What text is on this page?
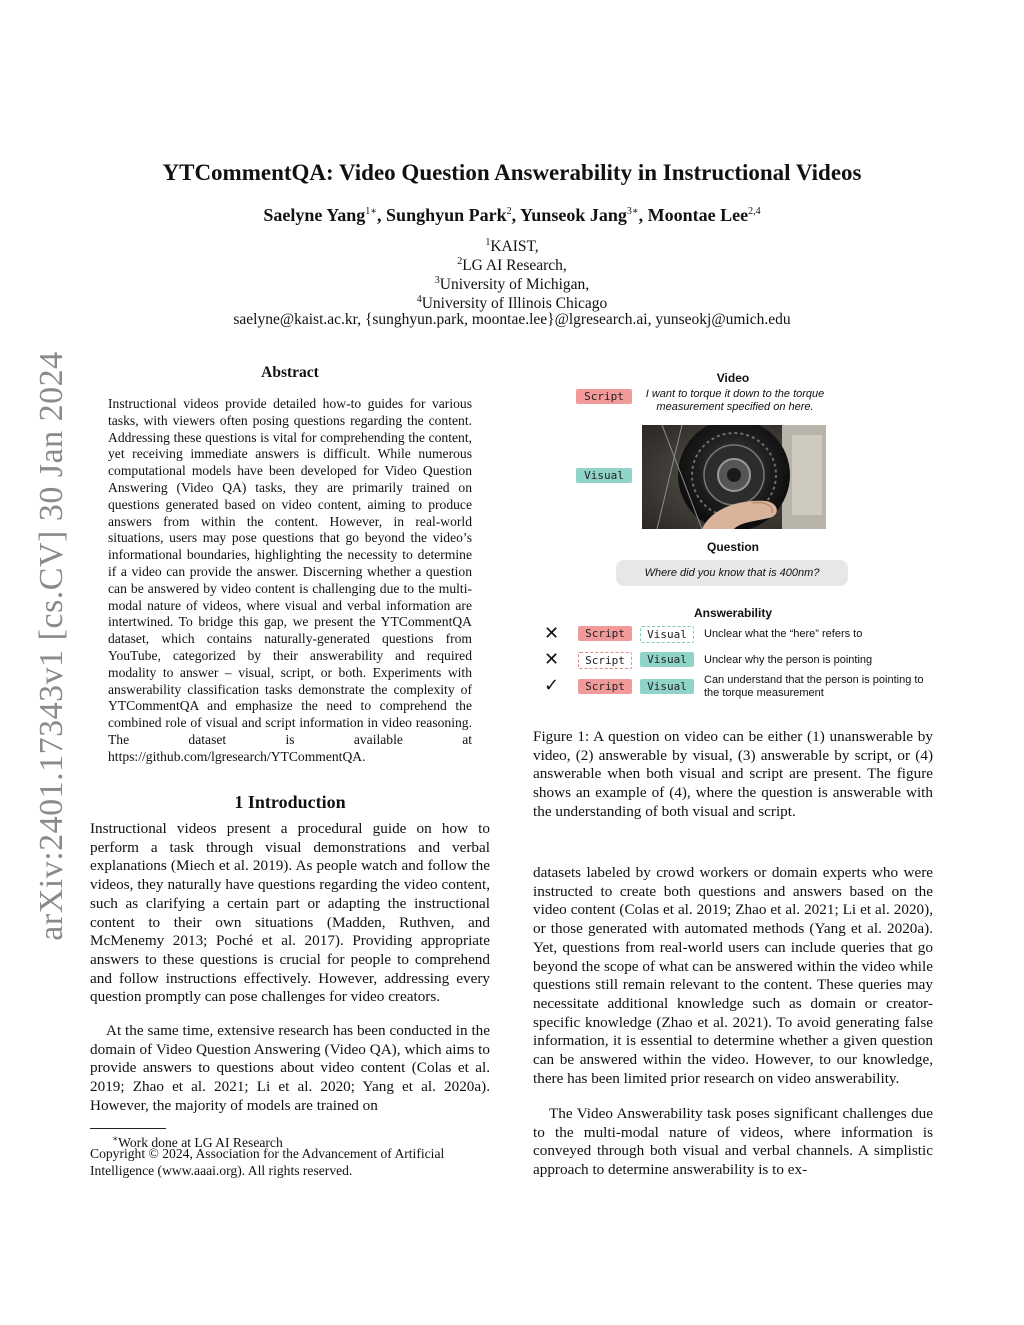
arXiv:2401.17343v1 [cs.CV] 30 Jan 2024
YTCommentQA: Video Question Answerability in Instructional Videos
Saelyne Yang$^{1∗}$, Sunghyun Park$^2$, Yunseok Jang$^{3∗}$, Moontae Lee$^{2,4}$
$^1$KAIST,
$^2$LG AI Research,
$^3$University of Michigan,
$^4$University of Illinois Chicago
saelyne@kaist.ac.kr, {sunghyun.park, moontae.lee}@lgresearch.ai, yunseokj@umich.edu
Abstract
Instructional videos provide detailed how-to guides for various tasks, with viewers often posing questions regarding the content. Addressing these questions is vital for comprehending the content, yet receiving immediate answers is difficult. While numerous computational models have been developed for Video Question Answering (Video QA) tasks, they are primarily trained on questions generated based on video content, aiming to produce answers from within the content. However, in real-world situations, users may pose questions that go beyond the video’s informational boundaries, highlighting the necessity to determine if a video can provide the answer. Discerning whether a question can be answered by video content is challenging due to the multi-modal nature of videos, where visual and verbal information are intertwined. To bridge this gap, we present the YTCommentQA dataset, which contains naturally-generated questions from YouTube, categorized by their answerability and required modality to answer – visual, script, or both. Experiments with answerability classification tasks demonstrate the complexity of YTCommentQA and emphasize the need to comprehend the combined role of visual and script information in video reasoning. The dataset is available at https://github.com/lgresearch/YTCommentQA.
1 Introduction
Instructional videos present a procedural guide on how to perform a task through visual demonstrations and verbal explanations (Miech et al. 2019). As people watch and follow the videos, they naturally have questions regarding the video content, such as clarifying a certain part or adapting the instructional content to their own situations (Madden, Ruthven, and McMenemy 2013; Poché et al. 2017). Providing appropriate answers to these questions is crucial for people to comprehend and follow instructions effectively. However, addressing every question promptly can pose challenges for video creators.
At the same time, extensive research has been conducted in the domain of Video Question Answering (Video QA), which aims to provide answers to questions about video content (Colas et al. 2019; Zhao et al. 2021; Li et al. 2020; Yang et al. 2020a). However, the majority of models are trained on
∗Work done at LG AI Research
Copyright © 2024, Association for the Advancement of Artificial Intelligence (www.aaai.org). All rights reserved.
Video
Script	I want to torque it down to the torque measurement specified on here.
Visual
Question
Where did you know that is 400nm?
Answerability
✕	Script	Visual	Unclear what the “here” refers to
✕	Script	Visual	Unclear why the person is pointing
✓	Script	Visual	Can understand that the person is pointing to the torque measurement
Figure 1: A question on video can be either (1) unanswerable by video, (2) answerable by visual, (3) answerable by script, or (4) answerable when both visual and script are present. The figure shows an example of (4), where the question is answerable with the understanding of both visual and script.
datasets labeled by crowd workers or domain experts who were instructed to create both questions and answers based on the video content (Colas et al. 2019; Zhao et al. 2021; Li et al. 2020), or those generated with automated methods (Yang et al. 2020a). Yet, questions from real-world users can include queries that go beyond the scope of what can be answered within the video while questions still remain relevant to the content. These queries may necessitate additional knowledge such as domain or creator-specific knowledge (Zhao et al. 2021). To avoid generating false information, it is essential to determine whether a given question can be answered within the video. However, to our knowledge, there has been limited prior research on video answerability.
The Video Answerability task poses significant challenges due to the multi-modal nature of videos, where information is conveyed through both visual and verbal channels. A simplistic approach to determine answerability is to ex-
